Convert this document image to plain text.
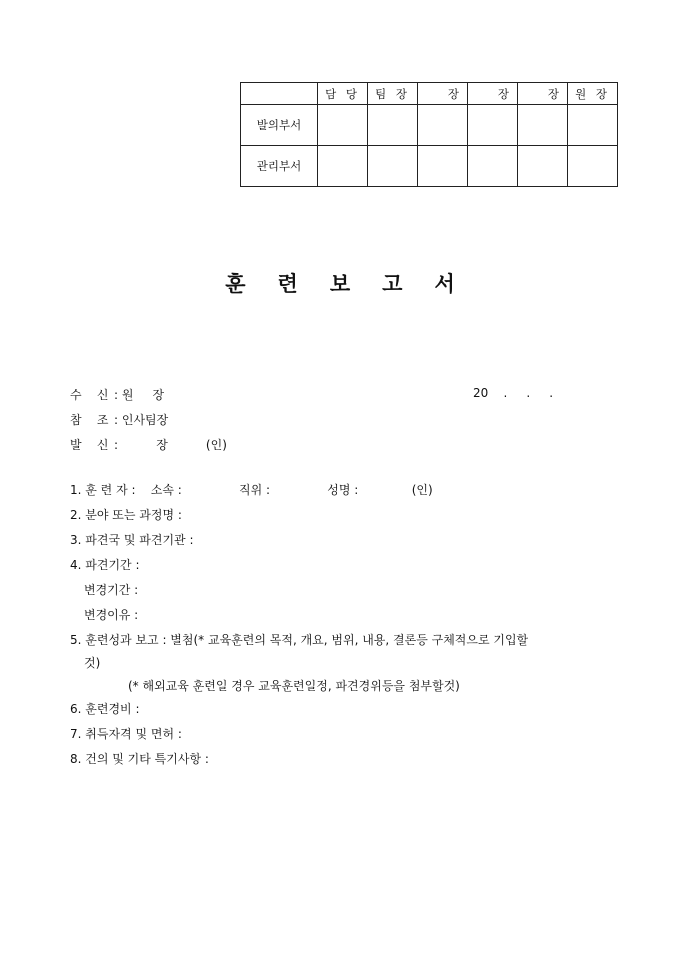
	담 당	팀 장	장	장	장	원 장
발의부서						
관리부서						
훈 련 보 고 서
수    신 : 원     장	20    .     .     .
참    조 : 인사팀장
발    신 :          장          (인)
1. 훈 련 자 :    소속 :               직위 :               성명 :              (인)
2. 분야 또는 과정명 :
3. 파견국 및 파견기관 :
4. 파견기간 :
변경기간 :
변경이유 :
5. 훈련성과 보고 : 별첨(* 교육훈련의 목적, 개요, 범위, 내용, 결론등 구체적으로 기입할
것)
(* 해외교육 훈련일 경우 교육훈련일정, 파견경위등을 첨부할것)
6. 훈련경비 :
7. 취득자격 및 면허 :
8. 건의 및 기타 특기사항 :
